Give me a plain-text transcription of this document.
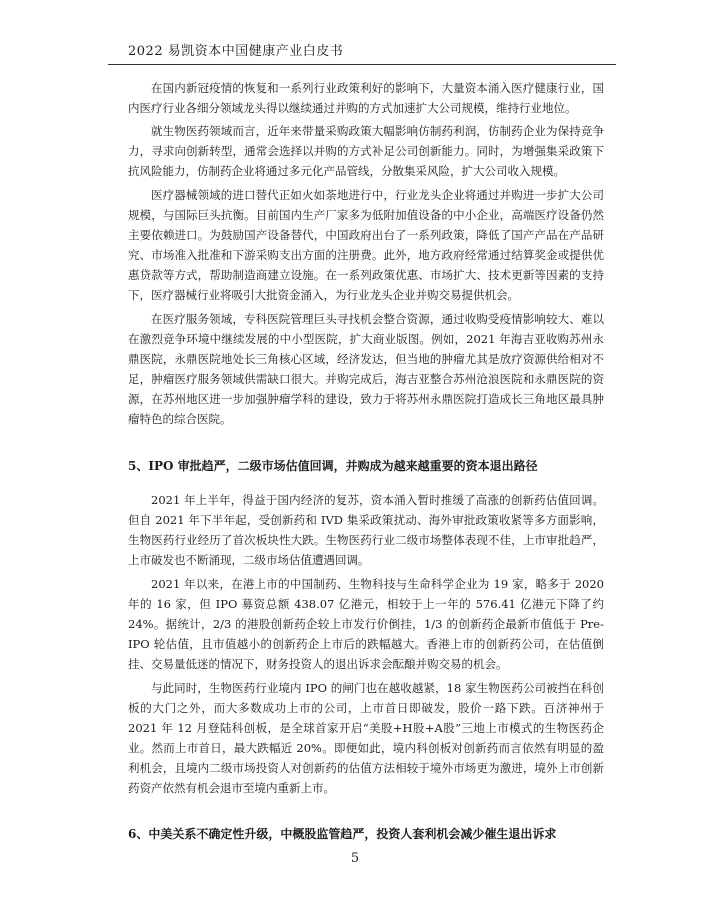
2022 易凯资本中国健康产业白皮书

在国内新冠疫情的恢复和一系列行业政策利好的影响下，大量资本涌入医疗健康行业，国内医疗行业各细分领域龙头得以继续通过并购的方式加速扩大公司规模，维持行业地位。

就生物医药领域而言，近年来带量采购政策大幅影响仿制药利润，仿制药企业为保持竞争力，寻求向创新转型，通常会选择以并购的方式补足公司创新能力。同时，为增强集采政策下抗风险能力，仿制药企业将通过多元化产品管线，分散集采风险，扩大公司收入规模。

医疗器械领域的进口替代正如火如荼地进行中，行业龙头企业将通过并购进一步扩大公司规模，与国际巨头抗衡。目前国内生产厂家多为低附加值设备的中小企业，高端医疗设备仍然主要依赖进口。为鼓励国产设备替代，中国政府出台了一系列政策，降低了国产产品在产品研究、市场准入批准和下游采购支出方面的注册费。此外，地方政府经常通过结算奖金或提供优惠贷款等方式，帮助制造商建立设施。在一系列政策优惠、市场扩大、技术更新等因素的支持下，医疗器械行业将吸引大批资金涌入，为行业龙头企业并购交易提供机会。

在医疗服务领域，专科医院管理巨头寻找机会整合资源，通过收购受疫情影响较大、难以在激烈竞争环境中继续发展的中小型医院，扩大商业版图。例如，2021 年海吉亚收购苏州永鼎医院，永鼎医院地处长三角核心区域，经济发达，但当地的肿瘤尤其是放疗资源供给相对不足，肿瘤医疗服务领域供需缺口很大。并购完成后，海吉亚整合苏州沧浪医院和永鼎医院的资源，在苏州地区进一步加强肿瘤学科的建设，致力于将苏州永鼎医院打造成长三角地区最具肿瘤特色的综合医院。

5、IPO 审批趋严，二级市场估值回调，并购成为越来越重要的资本退出路径

2021 年上半年，得益于国内经济的复苏，资本涌入暂时推缓了高涨的创新药估值回调。但自 2021 年下半年起，受创新药和 IVD 集采政策扰动、海外审批政策收紧等多方面影响，生物医药行业经历了首次板块性大跌。生物医药行业二级市场整体表现不佳，上市审批趋严，上市破发也不断涌现，二级市场估值遭遇回调。

2021 年以来，在港上市的中国制药、生物科技与生命科学企业为 19 家，略多于 2020 年的 16 家，但 IPO 募资总额 438.07 亿港元，相较于上一年的 576.41 亿港元下降了约 24%。据统计，2/3 的港股创新药企较上市发行价倒挂，1/3 的创新药企最新市值低于 Pre-IPO 轮估值，且市值越小的创新药企上市后的跌幅越大。香港上市的创新药公司，在估值倒挂、交易量低迷的情况下，财务投资人的退出诉求会酝酿并购交易的机会。

与此同时，生物医药行业境内 IPO 的闸门也在越收越紧，18 家生物医药公司被挡在科创板的大门之外，而大多数成功上市的公司，上市首日即破发，股价一路下跌。百济神州于 2021 年 12 月登陆科创板，是全球首家开启“美股+H股+A股”三地上市模式的生物医药企业。然而上市首日，最大跌幅近 20%。即便如此，境内科创板对创新药而言依然有明显的盈利机会，且境内二级市场投资人对创新药的估值方法相较于境外市场更为激进，境外上市创新药资产依然有机会退市至境内重新上市。

6、中美关系不确定性升级，中概股监管趋严，投资人套利机会减少催生退出诉求

5
